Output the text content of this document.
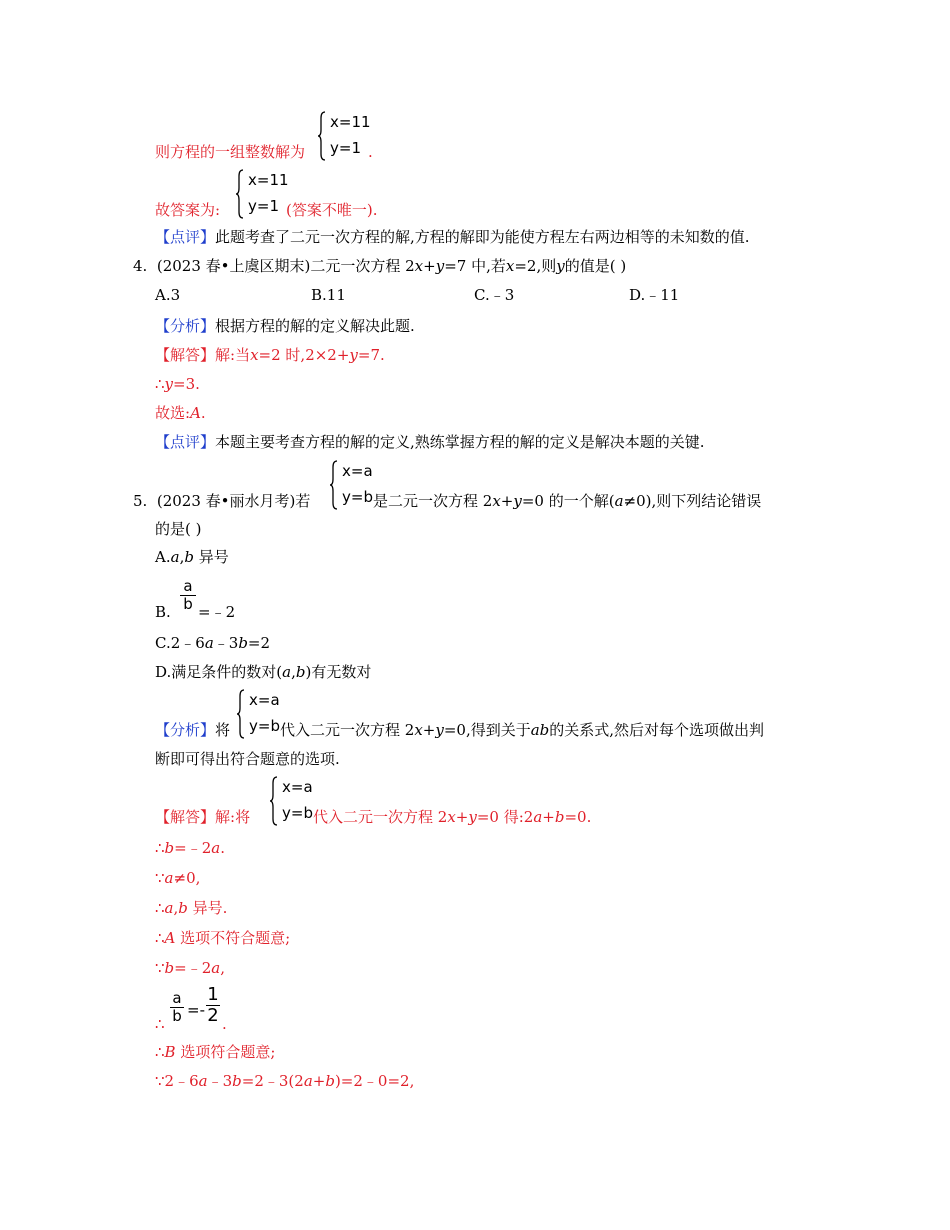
则方程的一组整数解为
x=11
y=1 .
故答案为:
x=11
y=1 (答案不唯一).
【点评】此题考查了二元一次方程的解,方程的解即为能使方程左右两边相等的未知数的值.
4. (2023 春•上虞区期末)二元一次方程 2x+y=7 中,若x=2,则y的值是( )
A.3	B.11	C.﹣3	D.﹣11
【分析】根据方程的解的定义解决此题.
【解答】解:当x=2 时,2×2+y=7.
∴y=3.
故选:A.
【点评】本题主要考查方程的解的定义,熟练掌握方程的解的定义是解决本题的关键.
5. (2023 春•丽水月考)若
x=a
y=b 是二元一次方程 2x+y=0 的一个解(a≠0),则下列结论错误
的是( )
A.a,b 异号
B.
a
b =﹣2
C.2﹣6a﹣3b=2
D.满足条件的数对(a,b)有无数对
【分析】将
x=a
y=b 代入二元一次方程 2x+y=0,得到关于ab的关系式,然后对每个选项做出判
断即可得出符合题意的选项.
【解答】解:将
x=a
y=b 代入二元一次方程 2x+y=0 得:2a+b=0.
∴b=﹣2a.
∵a≠0,
∴a,b 异号.
∴A 选项不符合题意;
∵b=﹣2a,
∴
a
b =-
1
2 .
∴B 选项符合题意;
∵2﹣6a﹣3b=2﹣3(2a+b)=2﹣0=2,
